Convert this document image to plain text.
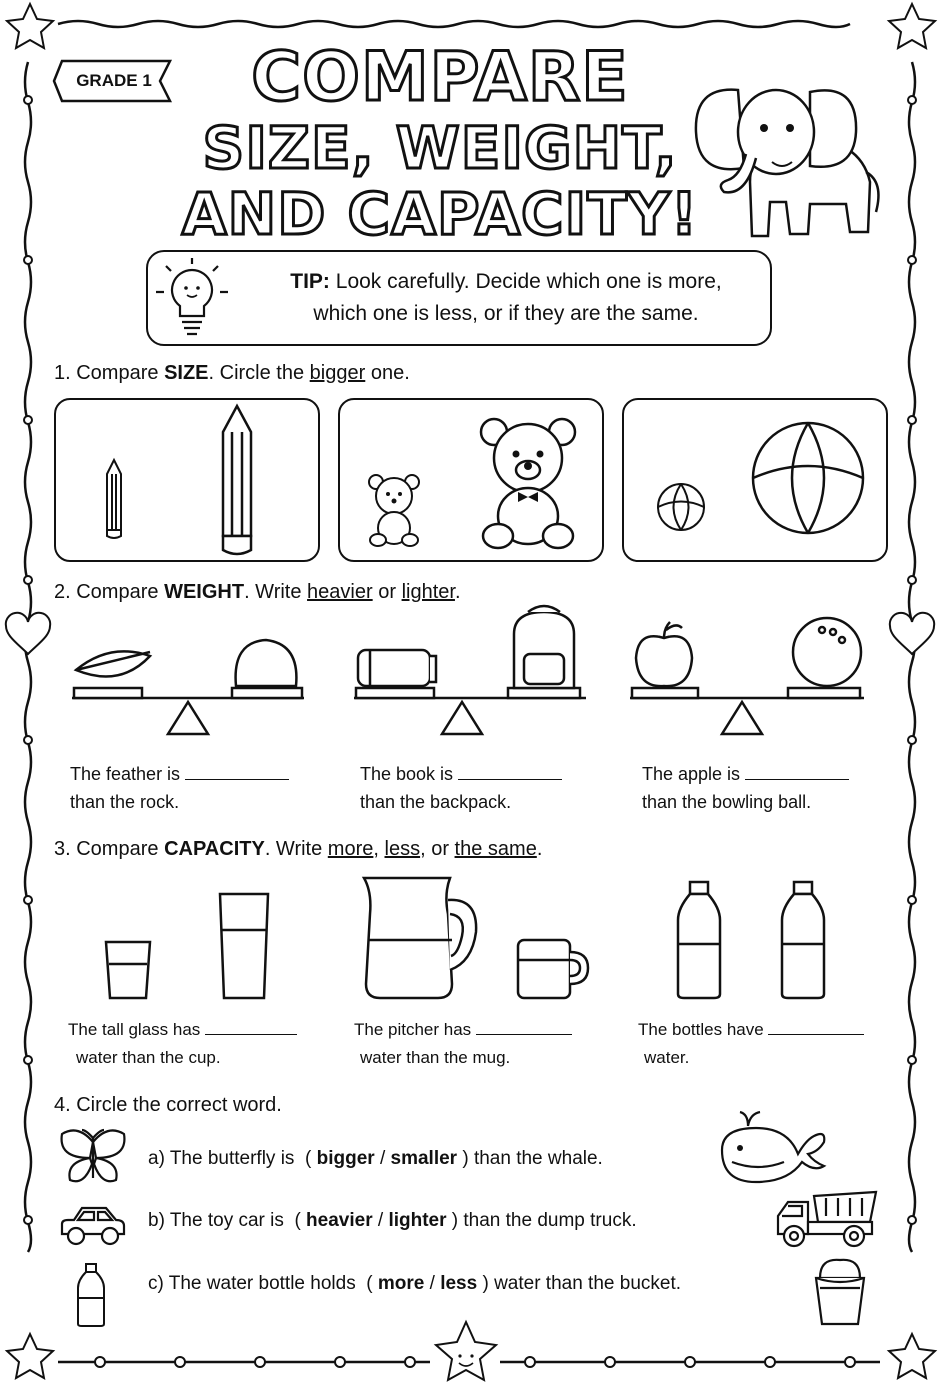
GRADE 1	COMPARE
SIZE, WEIGHT,
AND CAPACITY!
TIP: Look carefully. Decide which one is more,
which one is less, or if they are the same.
1. Compare SIZE. Circle the bigger one.
2. Compare WEIGHT. Write heavier or lighter.
The feather is
than the rock.
The book is
than the backpack.
The apple is
than the bowling ball.
3. Compare CAPACITY. Write more, less, or the same.
The tall glass has
water than the cup.
The pitcher has
water than the mug.
The bottles have
water.
4. Circle the correct word.
a) The butterfly is ( bigger / smaller ) than the whale.
b) The toy car is ( heavier / lighter ) than the dump truck.
c) The water bottle holds ( more / less ) water than the bucket.
